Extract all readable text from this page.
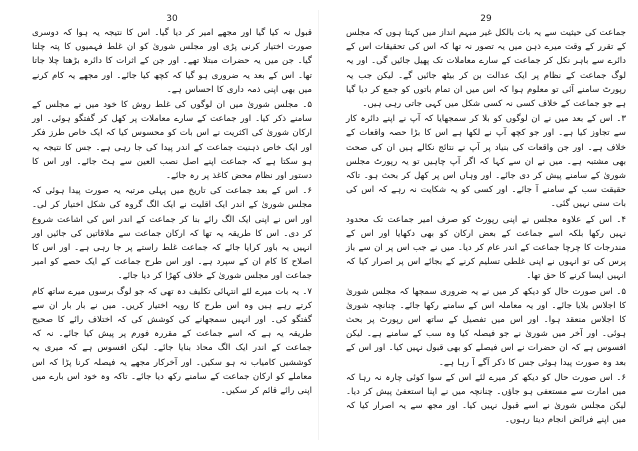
30

قبول نہ کیا گیا اور مجھے امیر کر دیا گیا۔ اس کا نتیجہ یہ ہوا کہ دوسری صورت اختیار کرنی پڑی اور مجلس شوریٰ کو ان غلط فہمیوں کا پتہ چلتا گیا۔ جن میں یہ حضرات مبتلا تھے۔ اور جن کے اثرات کا دائرہ بڑھتا چلا جاتا تھا۔ اس کے بعد یہ ضروری ہو گیا کہ کچھ کیا جائے۔ اور مجھے یہ کام کرنے میں بھی اپنی ذمہ داری کا احساس ہے۔

۵۔ مجلس شوریٰ میں ان لوگوں کی غلط روش کا خود میں نے مجلس کے سامنے ذکر کیا۔ اور جماعت کے سارے معاملات پر کھل کر گفتگو ہوئی۔ اور ارکان شوریٰ کی اکثریت نے اس بات کو محسوس کیا کہ ایک خاص طرز فکر اور ایک خاص ذہنیت جماعت کے اندر پیدا کی جا رہی ہے۔ جس کا نتیجہ یہ ہو سکتا ہے کہ جماعت اپنے اصل نصب العین سے ہٹ جائے۔ اور اس کا دستور اور نظام محض کاغذ پر رہ جائے۔

۶۔ اس کے بعد جماعت کی تاریخ میں پہلی مرتبہ یہ صورت پیدا ہوئی کہ مجلس شوریٰ کے اندر ایک اقلیت نے ایک الگ گروہ کی شکل اختیار کر لی۔ اور اس نے اپنی ایک الگ رائے بنا کر جماعت کے اندر اس کی اشاعت شروع کر دی۔ اس کا طریقہ یہ تھا کہ ارکان جماعت سے ملاقاتیں کی جائیں اور انہیں یہ باور کرایا جائے کہ جماعت غلط راستے پر جا رہی ہے۔ اور اس کا اصلاح کا کام ان کے سپرد ہے۔ اور اس طرح جماعت کے ایک حصے کو امیر جماعت اور مجلس شوریٰ کے خلاف کھڑا کر دیا جائے۔

۷۔ یہ بات میرے لئے انتہائی تکلیف دہ تھی کہ جو لوگ برسوں میرے ساتھ کام کرتے رہے ہیں وہ اس طرح کا رویہ اختیار کریں۔ میں نے بار بار ان سے گفتگو کی۔ اور انہیں سمجھانے کی کوشش کی کہ اختلاف رائے کا صحیح طریقہ یہ ہے کہ اسے جماعت کے مقررہ فورم پر پیش کیا جائے۔ نہ کہ جماعت کے اندر ایک الگ محاذ بنایا جائے۔ لیکن افسوس ہے کہ میری یہ کوششیں کامیاب نہ ہو سکیں۔ اور آخرکار مجھے یہ فیصلہ کرنا پڑا کہ اس معاملے کو ارکان جماعت کے سامنے رکھ دیا جائے۔ تاکہ وہ خود اس بارے میں اپنی رائے قائم کر سکیں۔

29

جماعت کی حیثیت سے یہ بات بالکل غیر مبہم انداز میں کہتا ہوں کہ مجلس کے تقرر کے وقت میرے ذہن میں یہ تصور نہ تھا کہ اس کی تحقیقات اس کے دائرے سے باہر نکل کر جماعت کے سارے معاملات تک پھیل جائیں گی۔ اور یہ لوگ جماعت کے نظام پر ایک عدالت بن کر بیٹھ جائیں گے۔ لیکن جب یہ رپورٹ سامنے آئی تو معلوم ہوا کہ اس میں ان تمام باتوں کو جمع کر دیا گیا ہے جو جماعت کے خلاف کسی نہ کسی شکل میں کہی جاتی رہی ہیں۔

۳۔ اس کے بعد میں نے ان لوگوں کو بلا کر سمجھایا کہ آپ نے اپنے دائرہ کار سے تجاوز کیا ہے۔ اور جو کچھ آپ نے لکھا ہے اس کا بڑا حصہ واقعات کے خلاف ہے۔ اور جن واقعات کی بنیاد پر آپ نے نتائج نکالے ہیں ان کی صحت بھی مشتبہ ہے۔ میں نے ان سے کہا کہ اگر آپ چاہیں تو یہ رپورٹ مجلس شوریٰ کے سامنے پیش کر دی جائے۔ اور وہاں اس پر کھل کر بحث ہو۔ تاکہ حقیقت سب کے سامنے آ جائے۔ اور کسی کو یہ شکایت نہ رہے کہ اس کی بات سنی نہیں گئی۔

۴۔ اس کے علاوہ مجلس نے اپنی رپورٹ کو صرف امیر جماعت تک محدود نہیں رکھا بلکہ اسے جماعت کے بعض ارکان کو بھی دکھایا اور اس کے مندرجات کا چرچا جماعت کے اندر عام کر دیا۔ میں نے جب اس پر ان سے باز پرس کی تو انہوں نے اپنی غلطی تسلیم کرنے کے بجائے اس پر اصرار کیا کہ انہیں ایسا کرنے کا حق تھا۔

۵۔ اس صورت حال کو دیکھ کر میں نے یہ ضروری سمجھا کہ مجلس شوریٰ کا اجلاس بلایا جائے۔ اور یہ معاملہ اس کے سامنے رکھا جائے۔ چنانچہ شوریٰ کا اجلاس منعقد ہوا۔ اور اس میں تفصیل کے ساتھ اس رپورٹ پر بحث ہوئی۔ اور آخر میں شوریٰ نے جو فیصلہ کیا وہ سب کے سامنے ہے۔ لیکن افسوس ہے کہ ان حضرات نے اس فیصلے کو بھی قبول نہیں کیا۔ اور اس کے بعد وہ صورت پیدا ہوئی جس کا ذکر آگے آ رہا ہے۔

۶۔ اس صورت حال کو دیکھ کر میرے لئے اس کے سوا کوئی چارہ نہ رہا کہ میں امارت سے مستعفی ہو جاؤں۔ چنانچہ میں نے اپنا استعفیٰ پیش کر دیا۔ لیکن مجلس شوریٰ نے اسے قبول نہیں کیا۔ اور مجھ سے یہ اصرار کیا کہ میں اپنے فرائض انجام دیتا رہوں۔
